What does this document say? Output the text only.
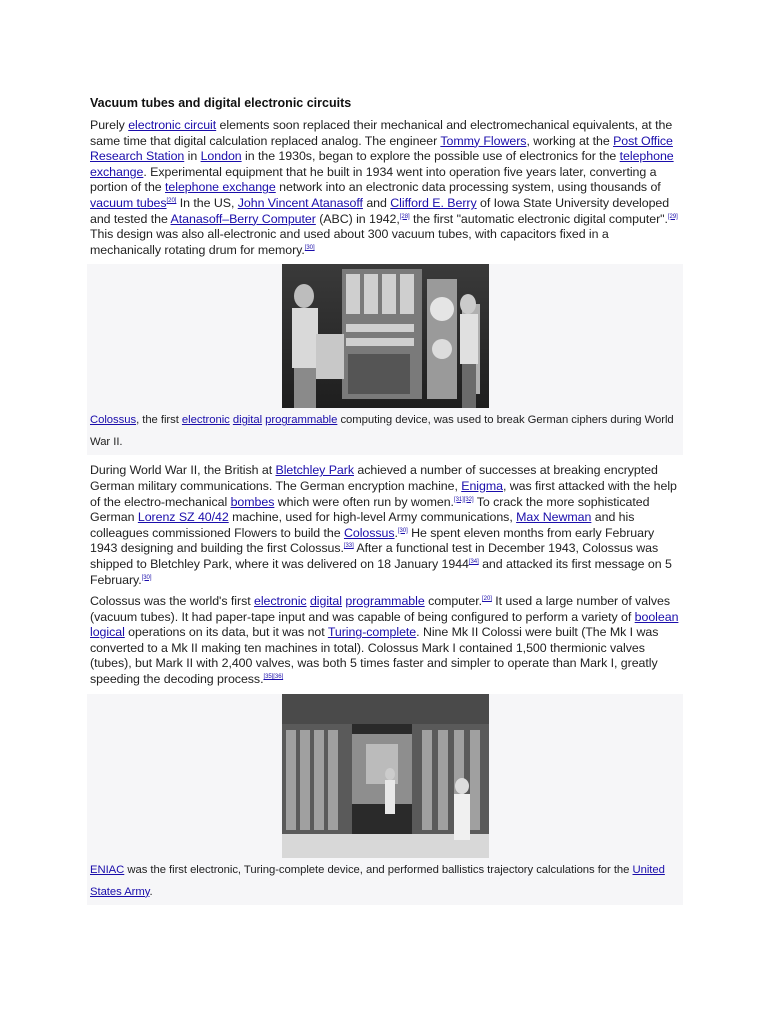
Vacuum tubes and digital electronic circuits

Purely electronic circuit elements soon replaced their mechanical and electromechanical equivalents, at the same time that digital calculation replaced analog. The engineer Tommy Flowers, working at the Post Office Research Station in London in the 1930s, began to explore the possible use of electronics for the telephone exchange. Experimental equipment that he built in 1934 went into operation five years later, converting a portion of the telephone exchange network into an electronic data processing system, using thousands of vacuum tubes[20] In the US, John Vincent Atanasoff and Clifford E. Berry of Iowa State University developed and tested the Atanasoff–Berry Computer (ABC) in 1942,[28] the first "automatic electronic digital computer".[29] This design was also all-electronic and used about 300 vacuum tubes, with capacitors fixed in a mechanically rotating drum for memory.[30]

Colossus, the first electronic digital programmable computing device, was used to break German ciphers during World War II.

During World War II, the British at Bletchley Park achieved a number of successes at breaking encrypted German military communications. The German encryption machine, Enigma, was first attacked with the help of the electro-mechanical bombes which were often run by women.[31][32] To crack the more sophisticated German Lorenz SZ 40/42 machine, used for high-level Army communications, Max Newman and his colleagues commissioned Flowers to build the Colossus.[30] He spent eleven months from early February 1943 designing and building the first Colossus.[33] After a functional test in December 1943, Colossus was shipped to Bletchley Park, where it was delivered on 18 January 1944[34] and attacked its first message on 5 February.[30]

Colossus was the world's first electronic digital programmable computer.[20] It used a large number of valves (vacuum tubes). It had paper-tape input and was capable of being configured to perform a variety of boolean logical operations on its data, but it was not Turing-complete. Nine Mk II Colossi were built (The Mk I was converted to a Mk II making ten machines in total). Colossus Mark I contained 1,500 thermionic valves (tubes), but Mark II with 2,400 valves, was both 5 times faster and simpler to operate than Mark I, greatly speeding the decoding process.[35][36]

ENIAC was the first electronic, Turing-complete device, and performed ballistics trajectory calculations for the United States Army.
